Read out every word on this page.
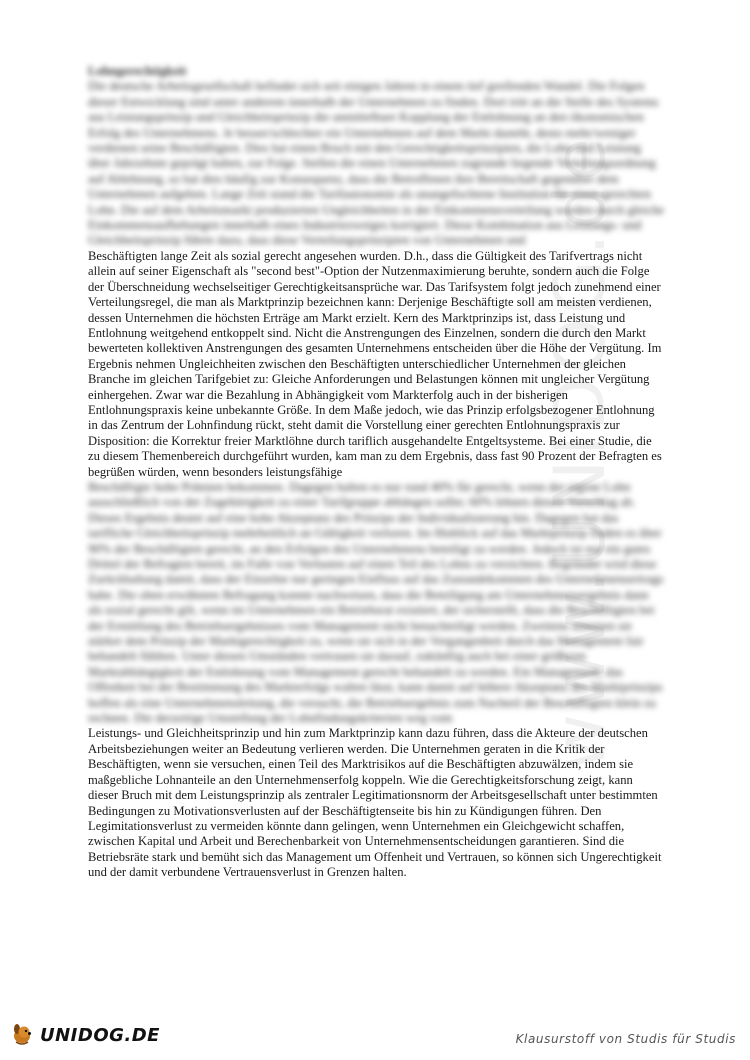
www.UNIDOG.de

Lohngerechtigkeit

Die deutsche Arbeitsgesellschaft befindet sich seit einigen Jahren in einem tief greifenden Wandel. Die Folgen dieser Entwicklung sind unter anderem innerhalb der Unternehmen zu finden. Dort tritt an die Stelle des Systems aus Leistungsprinzip und Gleichheitsprinzip die unmittelbare Kopplung der Entlohnung an den ökonomischen Erfolg des Unternehmens. Je besser/schlechter ein Unternehmen auf dem Markt dasteht, desto mehr/weniger verdienen seine Beschäftigten. Dies hat einen Bruch mit den Gerechtigkeitsprinzipien, die Lohn und Leistung über Jahrzehnte geprägt haben, zur Folge. Stellen die einen Unternehmen zugrunde liegende Verteilungsordnung auf Ablehnung, so hat dies häufig zur Konsequenz, dass die Betroffenen ihre Bereitschaft gegenüber dem Unternehmen aufgeben. Lange Zeit stand die Tarifautonomie als unangefochtene Institution für einen gerechten Lohn. Die auf dem Arbeitsmarkt produzierten Ungleichheiten in der Einkommensverteilung wurden durch gleiche Einkommensaufhebungen innerhalb eines Industriezweiges korrigiert. Diese Kombination aus Leistungs- und Gleichheitsprinzip führte dazu, dass diese Verteilungsprinzipien von Unternehmen und

Beschäftigten lange Zeit als sozial gerecht angesehen wurden. D.h., dass die Gültigkeit des Tarifvertrags nicht allein auf seiner Eigenschaft als "second best"-Option der Nutzenmaximierung beruhte, sondern auch die Folge der Überschneidung wechselseitiger Gerechtigkeitsansprüche war. Das Tarifsystem folgt jedoch zunehmend einer Verteilungsregel, die man als Marktprinzip bezeichnen kann: Derjenige Beschäftigte soll am meisten verdienen, dessen Unternehmen die höchsten Erträge am Markt erzielt. Kern des Marktprinzips ist, dass Leistung und Entlohnung weitgehend entkoppelt sind. Nicht die Anstrengungen des Einzelnen, sondern die durch den Markt bewerteten kollektiven Anstrengungen des gesamten Unternehmens entscheiden über die Höhe der Vergütung. Im Ergebnis nehmen Ungleichheiten zwischen den Beschäftigten unterschiedlicher Unternehmen der gleichen Branche im gleichen Tarifgebiet zu: Gleiche Anforderungen und Belastungen können mit ungleicher Vergütung einhergehen. Zwar war die Bezahlung in Abhängigkeit vom Markterfolg auch in der bisherigen Entlohnungspraxis keine unbekannte Größe. In dem Maße jedoch, wie das Prinzip erfolgsbezogener Entlohnung in das Zentrum der Lohnfindung rückt, steht damit die Vorstellung einer gerechten Entlohnungspraxis zur Disposition: die Korrektur freier Marktlöhne durch tariflich ausgehandelte Entgeltsysteme. Bei einer Studie, die zu diesem Themenbereich durchgeführt wurden, kam man zu dem Ergebnis, dass fast 90 Prozent der Befragten es begrüßen würden, wenn besonders leistungsfähige

Beschäftigte hohe Prämien bekommen. Dagegen halten es nur rund 40% für gerecht, wenn der eigene Lohn ausschließlich von der Zugehörigkeit zu einer Tarifgruppe abhängen sollte; 60% lehnen diesen Vorschlag ab. Dieses Ergebnis deutet auf eine hohe Akzeptanz des Prinzips der Individualisierung hin. Dagegen hat das tarifliche Gleichheitsprinzip mehrheitlich an Gültigkeit verloren. Im Hinblick auf das Marktprinzip finden es über 90% der Beschäftigten gerecht, an den Erfolgen des Unternehmens beteiligt zu werden. Jedoch ist nur ein gutes Drittel der Befragten bereit, im Falle von Verlusten auf einen Teil des Lohns zu verzichten. Begründet wird diese Zurückhaltung damit, dass der Einzelne nur geringen Einfluss auf das Zustandekommen des Unternehmensertrags habe. Die oben erwähnten Befragung konnte nachweisen, dass die Beteiligung am Unternehmensergebnis dann als sozial gerecht gilt, wenn im Unternehmen ein Betriebsrat existiert, der sicherstellt, dass die Beschäftigten bei der Ermittlung des Betriebsergebnisses vom Management nicht benachteiligt werden. Zweitens stimmen sie stärker dem Prinzip der Marktgerechtigkeit zu, wenn sie sich in der Vergangenheit durch das Management fair behandelt fühlten. Unter diesen Umständen vertrauen sie darauf, zukünftig auch bei einer größeren Marktabhängigkeit der Entlohnung vom Management gerecht behandelt zu werden. Ein Management, das Offenheit bei der Bestimmung des Markterfolgs walten lässt, kann damit auf höhere Akzeptanz des Marktprinzips hoffen als eine Unternehmensleitung, die versucht, die Betriebsergebnis zum Nachteil der Beschäftigten klein zu rechnen. Die derzeitige Umstellung der Lohnfindungskriterien weg vom

Leistungs- und Gleichheitsprinzip und hin zum Marktprinzip kann dazu führen, dass die Akteure der deutschen Arbeitsbeziehungen weiter an Bedeutung verlieren werden. Die Unternehmen geraten in die Kritik der Beschäftigten, wenn sie versuchen, einen Teil des Marktrisikos auf die Beschäftigten abzuwälzen, indem sie maßgebliche Lohnanteile an den Unternehmenserfolg koppeln. Wie die Gerechtigkeitsforschung zeigt, kann dieser Bruch mit dem Leistungsprinzip als zentraler Legitimationsnorm der Arbeitsgesellschaft unter bestimmten Bedingungen zu Motivationsverlusten auf der Beschäftigtenseite bis hin zu Kündigungen führen. Den Legimitationsverlust zu vermeiden könnte dann gelingen, wenn Unternehmen ein Gleichgewicht schaffen, zwischen Kapital und Arbeit und Berechenbarkeit von Unternehmensentscheidungen garantieren. Sind die Betriebsräte stark und bemüht sich das Management um Offenheit und Vertrauen, so können sich Ungerechtigkeit und der damit verbundene Vertrauensverlust in Grenzen halten.

UNIDOG.DE	Klausurstoff von Studis für Studis
